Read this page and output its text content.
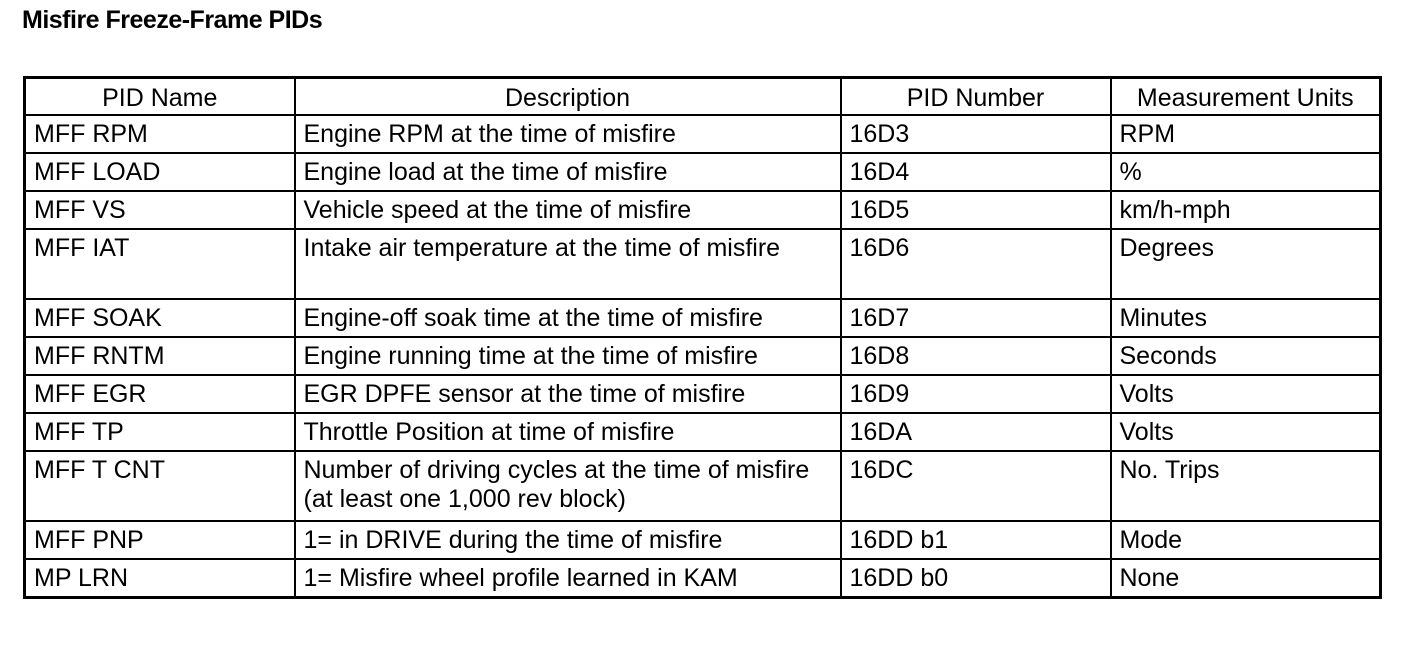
Misfire Freeze-Frame PIDs
PID Name	Description	PID Number	Measurement Units
MFF RPM	Engine RPM at the time of misfire	16D3	RPM
MFF LOAD	Engine load at the time of misfire	16D4	%
MFF VS	Vehicle speed at the time of misfire	16D5	km/h-mph
MFF IAT	Intake air temperature at the time of misfire	16D6	Degrees
MFF SOAK	Engine-off soak time at the time of misfire	16D7	Minutes
MFF RNTM	Engine running time at the time of misfire	16D8	Seconds
MFF EGR	EGR DPFE sensor at the time of misfire	16D9	Volts
MFF TP	Throttle Position at time of misfire	16DA	Volts
MFF T CNT	Number of driving cycles at the time of misfire (at least one 1,000 rev block)	16DC	No. Trips
MFF PNP	1= in DRIVE during the time of misfire	16DD b1	Mode
MP LRN	1= Misfire wheel profile learned in KAM	16DD b0	None
